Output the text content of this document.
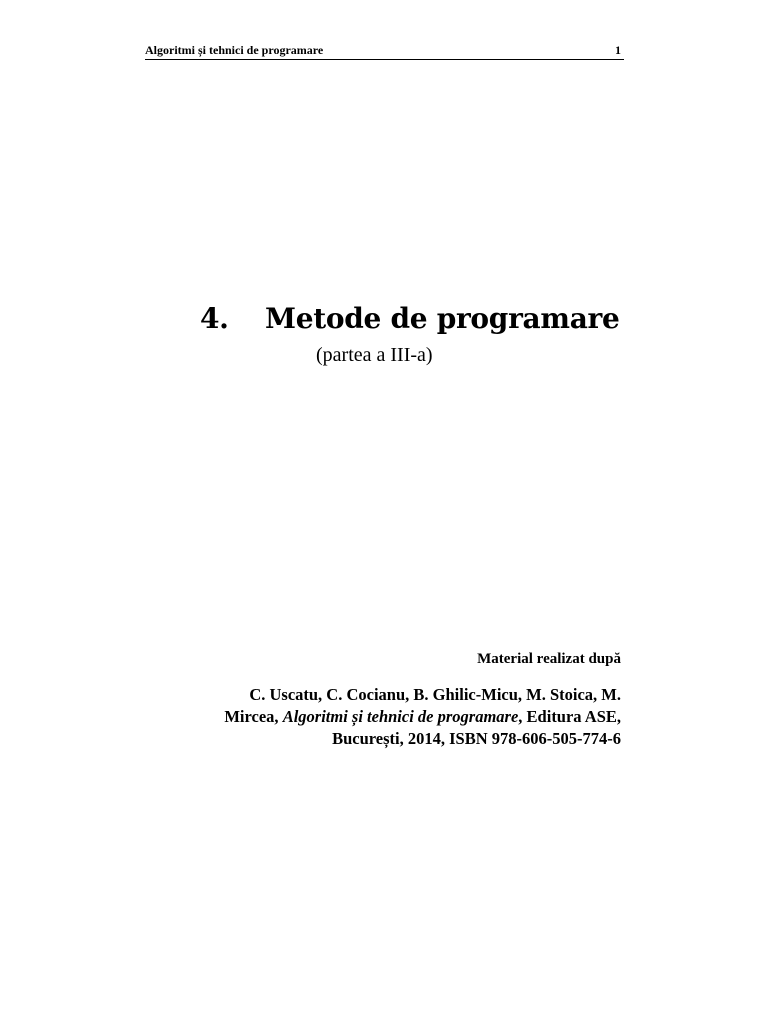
Algoritmi și tehnici de programare	1
4. Metode de programare
(partea a III-a)
Material realizat după
C. Uscatu, C. Cocianu, B. Ghilic-Micu, M. Stoica, M.
Mircea, Algoritmi și tehnici de programare, Editura ASE,
București, 2014, ISBN 978-606-505-774-6
